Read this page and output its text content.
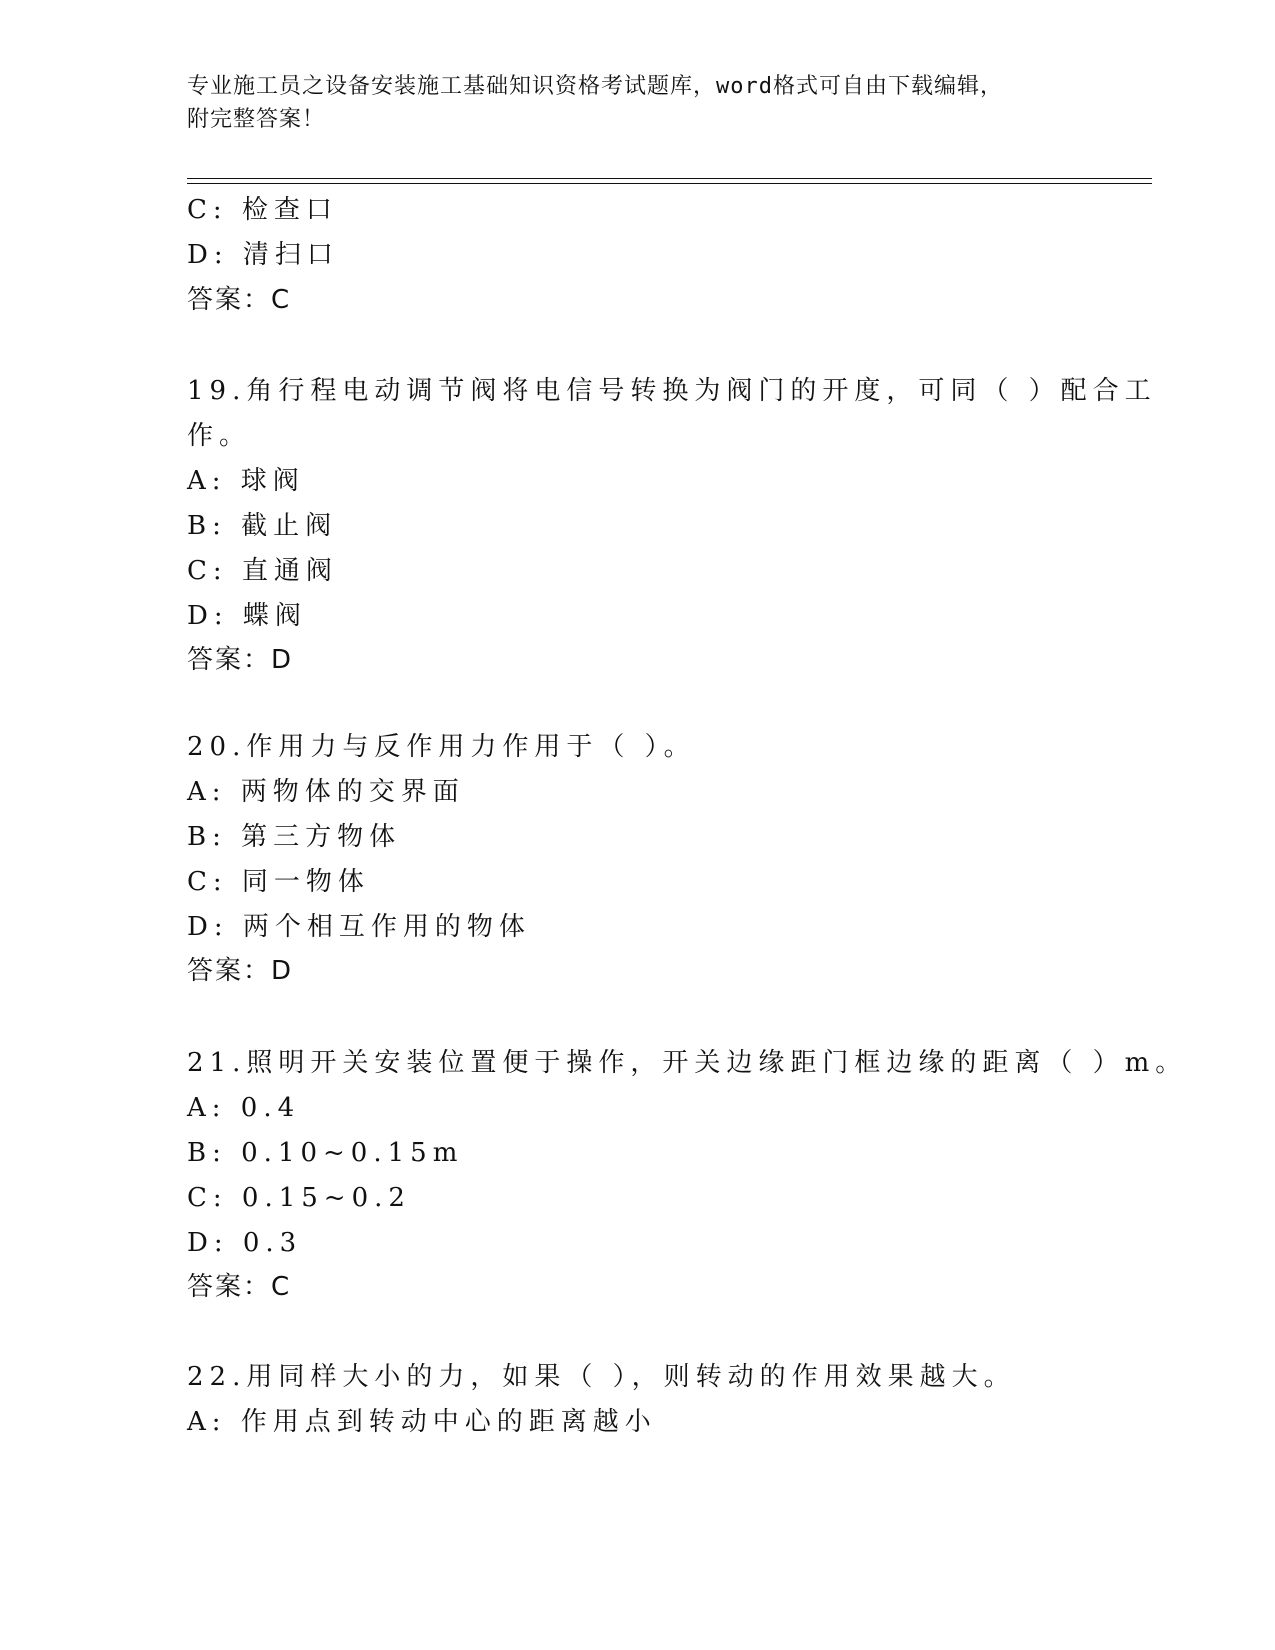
专业施工员之设备安装施工基础知识资格考试题库，word格式可自由下载编辑，
附完整答案！
C: 检查口
D: 清扫口
答案：C
19.角行程电动调节阀将电信号转换为阀门的开度，可同（ ）配合工
作。
A: 球阀
B: 截止阀
C: 直通阀
D: 蝶阀
答案：D
20.作用力与反作用力作用于（ ）。
A: 两物体的交界面
B: 第三方物体
C: 同一物体
D: 两个相互作用的物体
答案：D
21.照明开关安装位置便于操作，开关边缘距门框边缘的距离（ ）m。
A: 0.4
B: 0.10~0.15m
C: 0.15~0.2
D: 0.3
答案：C
22.用同样大小的力，如果（ ），则转动的作用效果越大。
A: 作用点到转动中心的距离越小
